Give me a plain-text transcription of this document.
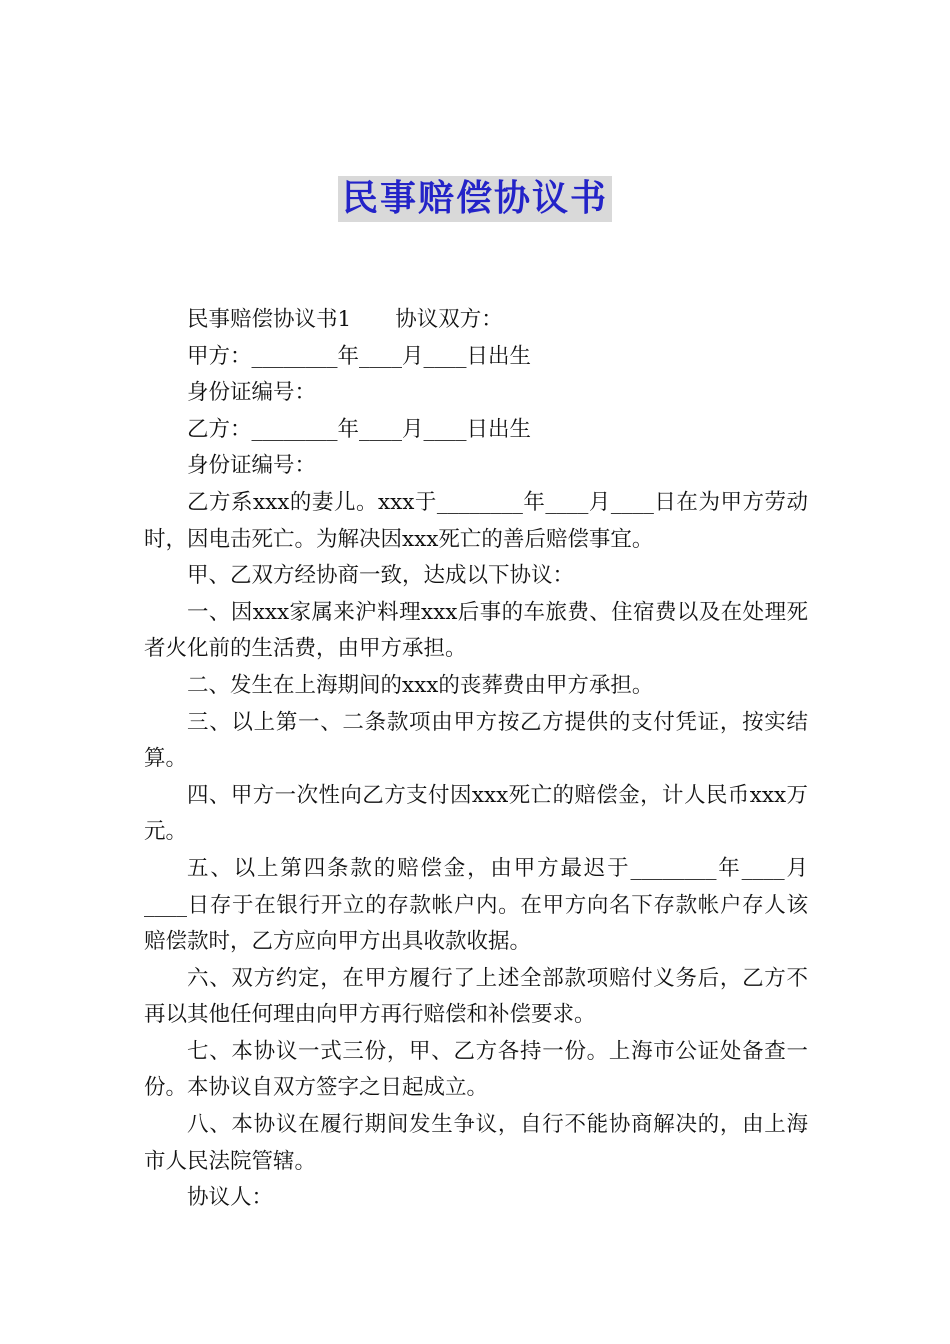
民事赔偿协议书

民事赔偿协议书1 协议双方：

甲方：________年____月____日出生

身份证编号：

乙方：________年____月____日出生

身份证编号：

乙方系xxx的妻儿。xxx于________年____月____日在为甲方劳动时，因电击死亡。为解决因xxx死亡的善后赔偿事宜。

甲、乙双方经协商一致，达成以下协议：

一、因xxx家属来沪料理xxx后事的车旅费、住宿费以及在处理死者火化前的生活费，由甲方承担。

二、发生在上海期间的xxx的丧葬费由甲方承担。

三、以上第一、二条款项由甲方按乙方提供的支付凭证，按实结算。

四、甲方一次性向乙方支付因xxx死亡的赔偿金，计人民币xxx万元。

五、以上第四条款的赔偿金，由甲方最迟于________年____月____日存于在银行开立的存款帐户内。在甲方向名下存款帐户存人该赔偿款时，乙方应向甲方出具收款收据。

六、双方约定，在甲方履行了上述全部款项赔付义务后，乙方不再以其他任何理由向甲方再行赔偿和补偿要求。

七、本协议一式三份，甲、乙方各持一份。上海市公证处备查一份。本协议自双方签字之日起成立。

八、本协议在履行期间发生争议，自行不能协商解决的，由上海市人民法院管辖。

协议人：
